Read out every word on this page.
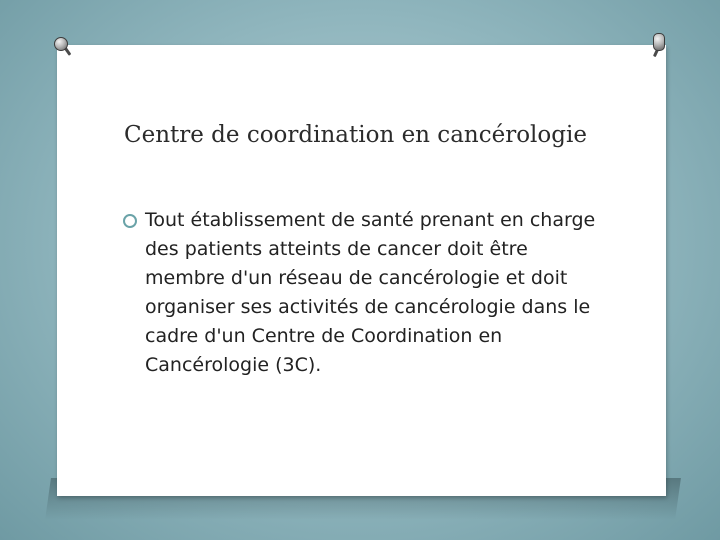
Centre de coordination en cancérologie
Tout établissement de santé prenant en charge des patients atteints de cancer doit être membre d'un réseau de cancérologie et doit organiser ses activités de cancérologie dans le cadre d'un Centre de Coordination en Cancérologie (3C).
